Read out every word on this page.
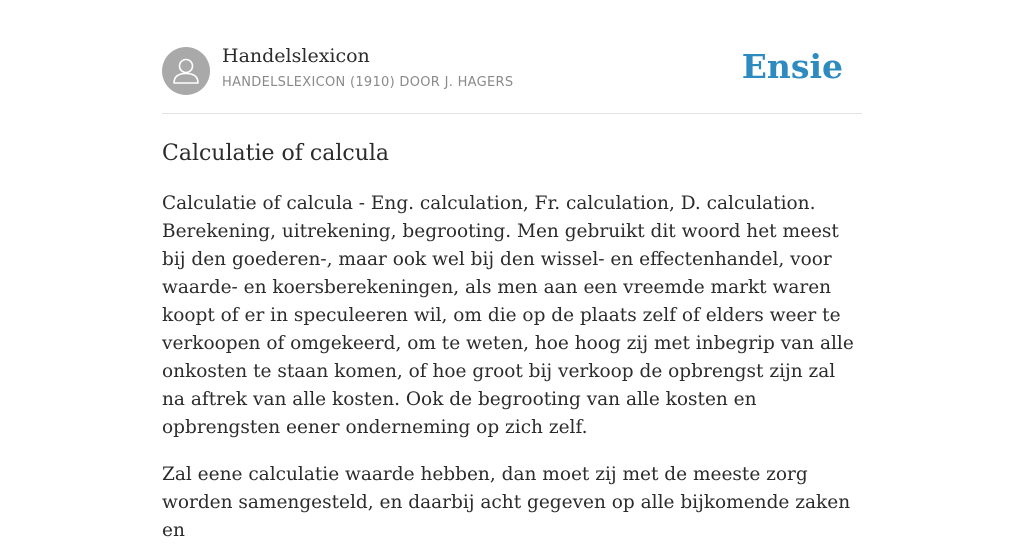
Handelslexicon
HANDELSLEXICON (1910) DOOR J. HAGERS	Ensie
Calculatie of calcula

Calculatie of calcula - Eng. calculation, Fr. calculation, D. calculation. Berekening, uitrekening, begrooting. Men gebruikt dit woord het meest bij den goederen-, maar ook wel bij den wissel- en effectenhandel, voor waarde- en koersberekeningen, als men aan een vreemde markt waren koopt of er in speculeeren wil, om die op de plaats zelf of elders weer te verkoopen of omgekeerd, om te weten, hoe hoog zij met inbegrip van alle onkosten te staan komen, of hoe groot bij verkoop de opbrengst zijn zal na aftrek van alle kosten. Ook de begrooting van alle kosten en opbrengsten eener onderneming op zich zelf.

Zal eene calculatie waarde hebben, dan moet zij met de meeste zorg worden samengesteld, en daarbij acht gegeven op alle bijkomende zaken en
